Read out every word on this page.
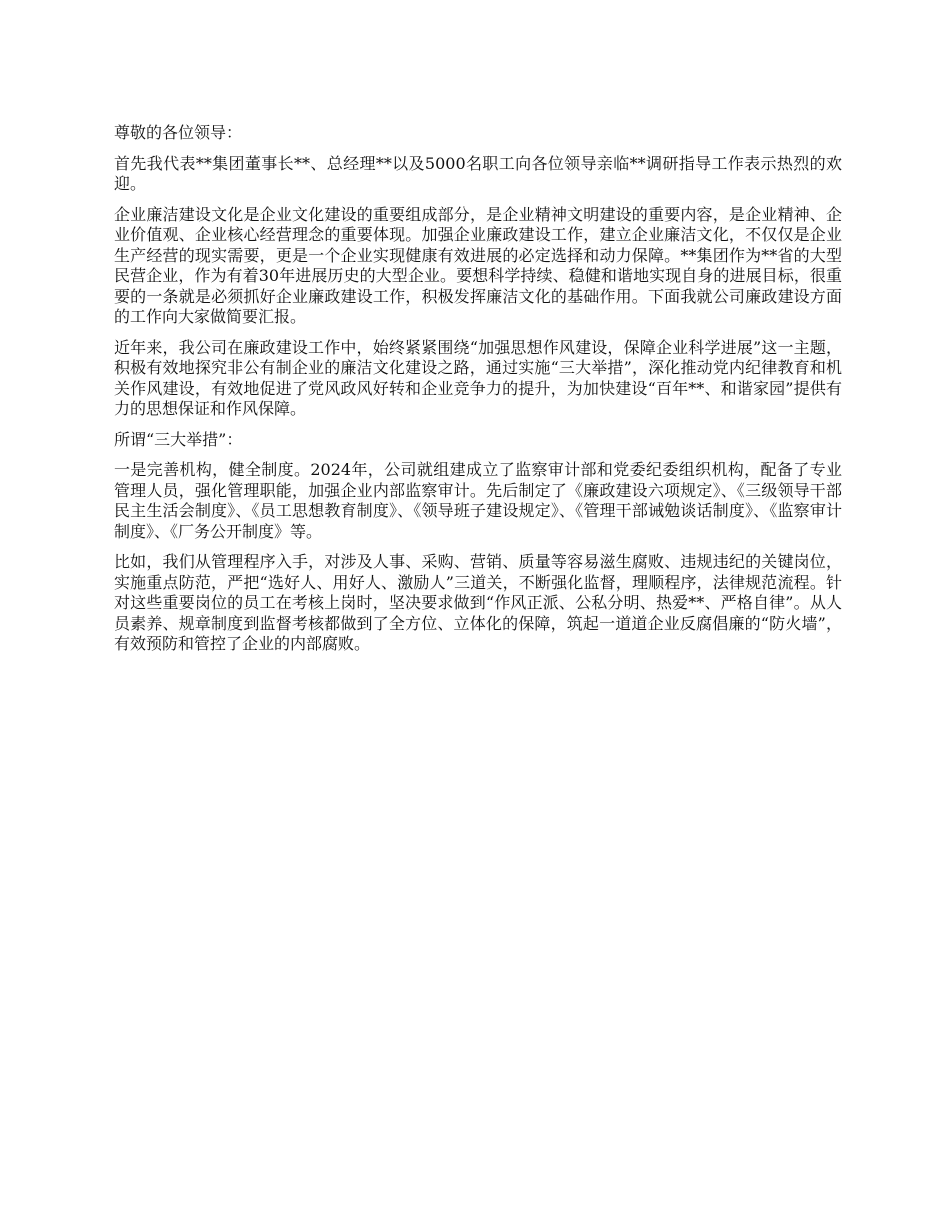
尊敬的各位领导：

首先我代表**集团董事长**、总经理**以及5000名职工向各位领导亲临**调研指导工作表示热烈的欢迎。

企业廉洁建设文化是企业文化建设的重要组成部分，是企业精神文明建设的重要内容，是企业精神、企业价值观、企业核心经营理念的重要体现。加强企业廉政建设工作，建立企业廉洁文化，不仅仅是企业生产经营的现实需要，更是一个企业实现健康有效进展的必定选择和动力保障。**集团作为**省的大型民营企业，作为有着30年进展历史的大型企业。要想科学持续、稳健和谐地实现自身的进展目标，很重要的一条就是必须抓好企业廉政建设工作，积极发挥廉洁文化的基础作用。下面我就公司廉政建设方面的工作向大家做简要汇报。

近年来，我公司在廉政建设工作中，始终紧紧围绕“加强思想作风建设，保障企业科学进展”这一主题，积极有效地探究非公有制企业的廉洁文化建设之路，通过实施“三大举措”，深化推动党内纪律教育和机关作风建设，有效地促进了党风政风好转和企业竞争力的提升，为加快建设“百年**、和谐家园”提供有力的思想保证和作风保障。

所谓“三大举措”：

一是完善机构，健全制度。2024年，公司就组建成立了监察审计部和党委纪委组织机构，配备了专业管理人员，强化管理职能，加强企业内部监察审计。先后制定了《廉政建设六项规定》、《三级领导干部民主生活会制度》、《员工思想教育制度》、《领导班子建设规定》、《管理干部诫勉谈话制度》、《监察审计制度》、《厂务公开制度》等。

比如，我们从管理程序入手，对涉及人事、采购、营销、质量等容易滋生腐败、违规违纪的关键岗位，实施重点防范，严把“选好人、用好人、激励人”三道关，不断强化监督，理顺程序，法律规范流程。针对这些重要岗位的员工在考核上岗时，坚决要求做到“作风正派、公私分明、热爱**、严格自律”。从人员素养、规章制度到监督考核都做到了全方位、立体化的保障，筑起一道道企业反腐倡廉的“防火墙”，有效预防和管控了企业的内部腐败。
